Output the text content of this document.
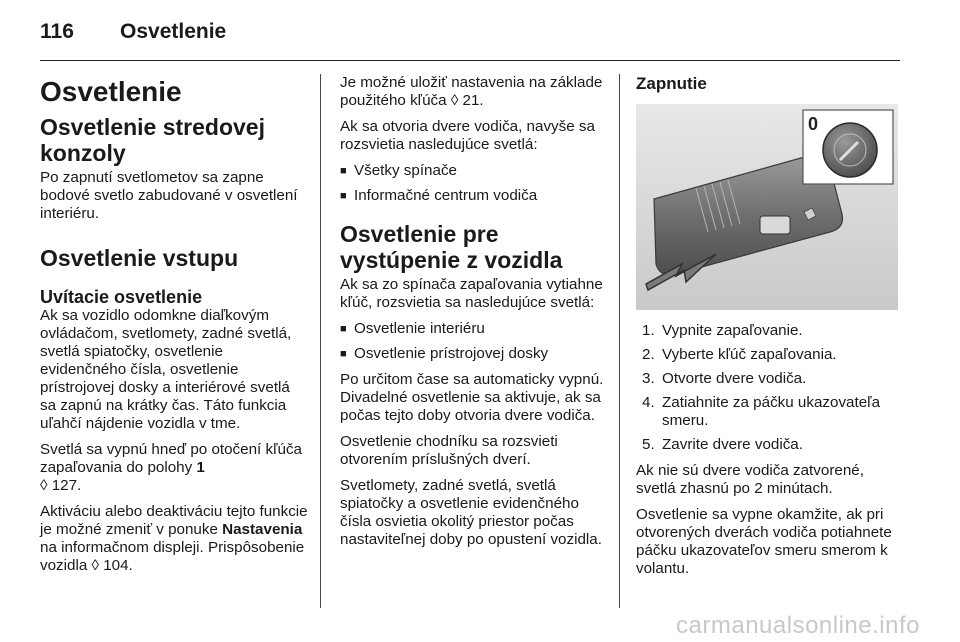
116 Osvetlenie
Osvetlenie
Osvetlenie stredovej konzoly

Po zapnutí svetlometov sa zapne bodové svetlo zabudované v osvetlení interiéru.

Osvetlenie vstupu
Uvítacie osvetlenie

Ak sa vozidlo odomkne diaľkovým ovládačom, svetlomety, zadné svetlá, svetlá spiatočky, osvetlenie evidenčného čísla, osvetlenie prístrojovej dosky a interiérové svetlá sa zapnú na krátky čas. Táto funkcia uľahčí nájdenie vozidla v tme.

Svetlá sa vypnú hneď po otočení kľúča zapaľovania do polohy 1
◊ 127.

Aktiváciu alebo deaktiváciu tejto funkcie je možné zmeniť v ponuke Nastavenia na informačnom displeji. Prispôsobenie vozidla ◊ 104.

Je možné uložiť nastavenia na základe použitého kľúča ◊ 21.

Ak sa otvoria dvere vodiča, navyše sa rozsvietia nasledujúce svetlá:

■ Všetky spínače
■ Informačné centrum vodiča
Osvetlenie pre vystúpenie z vozidla

Ak sa zo spínača zapaľovania vytiahne kľúč, rozsvietia sa nasledujúce svetlá:

■ Osvetlenie interiéru
■ Osvetlenie prístrojovej dosky

Po určitom čase sa automaticky vypnú. Divadelné osvetlenie sa aktivuje, ak sa počas tejto doby otvoria dvere vodiča.

Osvetlenie chodníku sa rozsvieti otvorením príslušných dverí.

Svetlomety, zadné svetlá, svetlá spiatočky a osvetlenie evidenčného čísla osvietia okolitý priestor počas nastaviteľnej doby po opustení vozidla.

Zapnutie
0
1. Vypnite zapaľovanie.
2. Vyberte kľúč zapaľovania.
3. Otvorte dvere vodiča.
4. Zatiahnite za páčku ukazovateľa smeru.
5. Zavrite dvere vodiča.

Ak nie sú dvere vodiča zatvorené, svetlá zhasnú po 2 minútach.

Osvetlenie sa vypne okamžite, ak pri otvorených dverách vodiča potiahnete páčku ukazovateľov smeru smerom k volantu.

carmanualsonline.info
